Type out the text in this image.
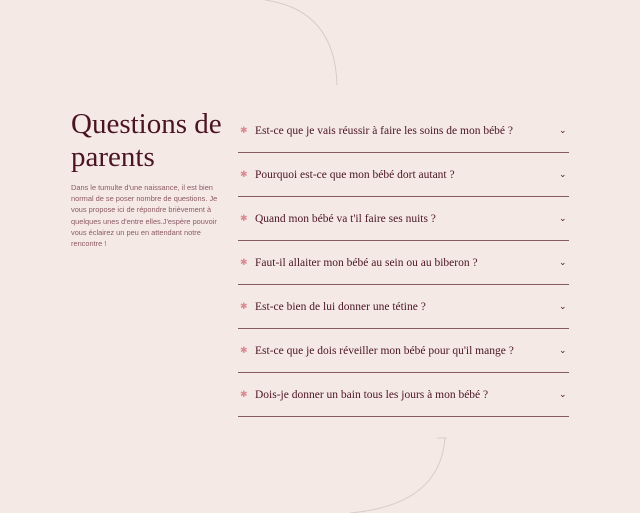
Questions de parents

Dans le tumulte d'une naissance, il est bien normal de se poser nombre de questions. Je vous propose ici de répondre brièvement à quelques unes d'entre elles.J'espère pouvoir vous éclairez un peu en attendant notre rencontre !

✱ Est-ce que je vais réussir à faire les soins de mon bébé ?	⌄
✱ Pourquoi est-ce que mon bébé dort autant ?	⌄
✱ Quand mon bébé va t'il faire ses nuits ?	⌄
✱ Faut-il allaiter mon bébé au sein ou au biberon ?	⌄
✱ Est-ce bien de lui donner une tétine ?	⌄
✱ Est-ce que je dois réveiller mon bébé pour qu'il mange ?	⌄
✱ Dois-je donner un bain tous les jours à mon bébé ?	⌄
